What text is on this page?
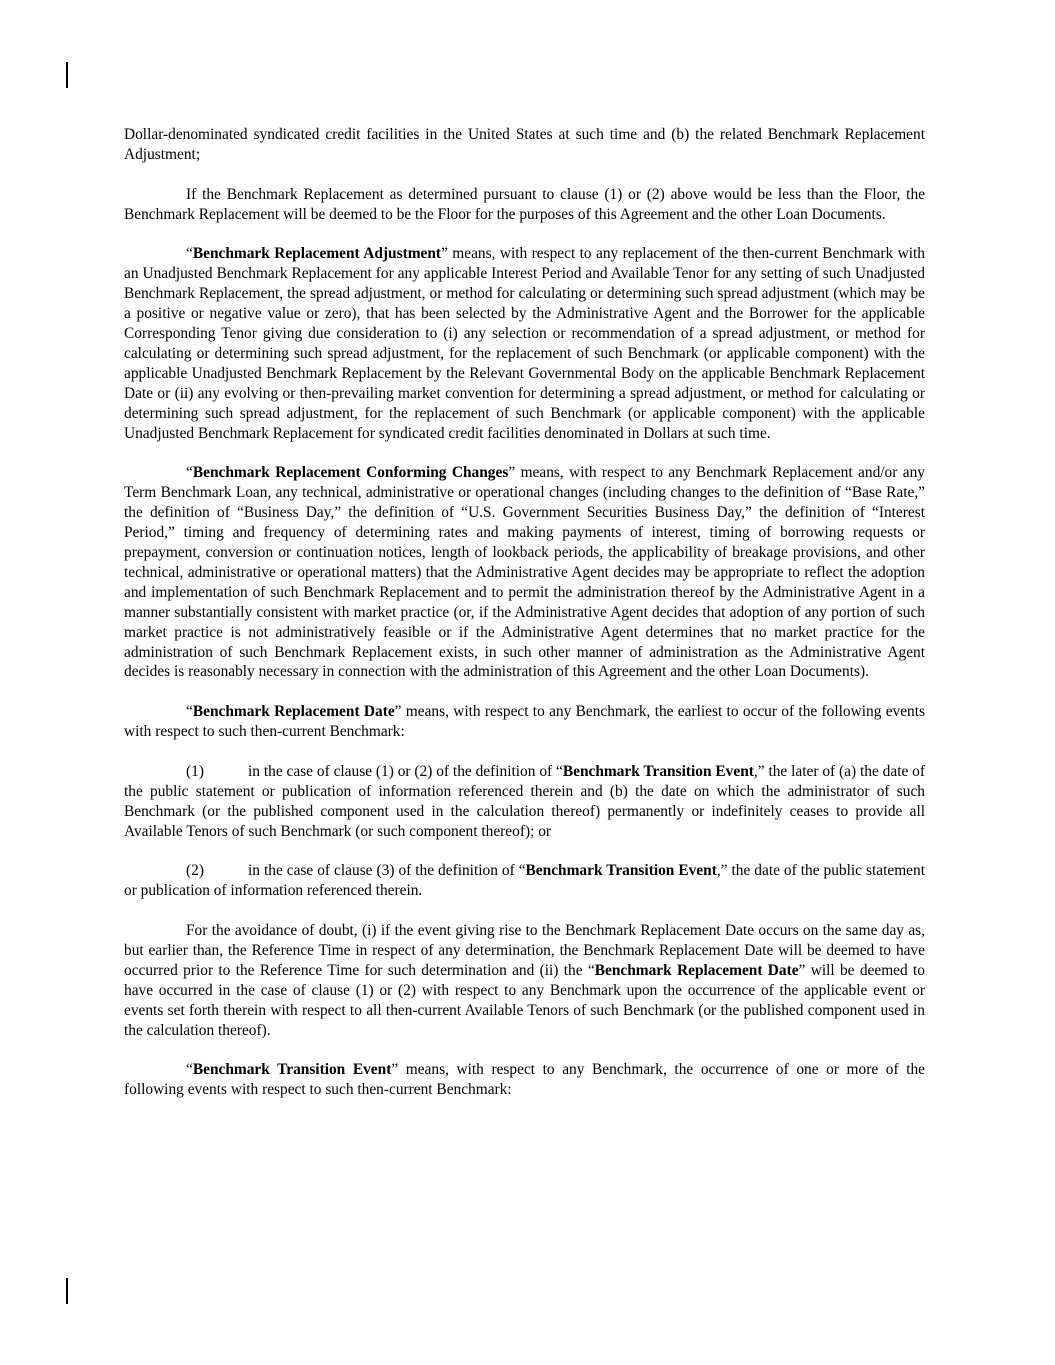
Dollar-denominated syndicated credit facilities in the United States at such time and (b) the related Benchmark Replacement Adjustment;

If the Benchmark Replacement as determined pursuant to clause (1) or (2) above would be less than the Floor, the Benchmark Replacement will be deemed to be the Floor for the purposes of this Agreement and the other Loan Documents.

“Benchmark Replacement Adjustment” means, with respect to any replacement of the then-current Benchmark with an Unadjusted Benchmark Replacement for any applicable Interest Period and Available Tenor for any setting of such Unadjusted Benchmark Replacement, the spread adjustment, or method for calculating or determining such spread adjustment (which may be a positive or negative value or zero), that has been selected by the Administrative Agent and the Borrower for the applicable Corresponding Tenor giving due consideration to (i) any selection or recommendation of a spread adjustment, or method for calculating or determining such spread adjustment, for the replacement of such Benchmark (or applicable component) with the applicable Unadjusted Benchmark Replacement by the Relevant Governmental Body on the applicable Benchmark Replacement Date or (ii) any evolving or then-prevailing market convention for determining a spread adjustment, or method for calculating or determining such spread adjustment, for the replacement of such Benchmark (or applicable component) with the applicable Unadjusted Benchmark Replacement for syndicated credit facilities denominated in Dollars at such time.

“Benchmark Replacement Conforming Changes” means, with respect to any Benchmark Replacement and/or any Term Benchmark Loan, any technical, administrative or operational changes (including changes to the definition of “Base Rate,” the definition of “Business Day,” the definition of “U.S. Government Securities Business Day,” the definition of “Interest Period,” timing and frequency of determining rates and making payments of interest, timing of borrowing requests or prepayment, conversion or continuation notices, length of lookback periods, the applicability of breakage provisions, and other technical, administrative or operational matters) that the Administrative Agent decides may be appropriate to reflect the adoption and implementation of such Benchmark Replacement and to permit the administration thereof by the Administrative Agent in a manner substantially consistent with market practice (or, if the Administrative Agent decides that adoption of any portion of such market practice is not administratively feasible or if the Administrative Agent determines that no market practice for the administration of such Benchmark Replacement exists, in such other manner of administration as the Administrative Agent decides is reasonably necessary in connection with the administration of this Agreement and the other Loan Documents).

“Benchmark Replacement Date” means, with respect to any Benchmark, the earliest to occur of the following events with respect to such then-current Benchmark:

(1)	in the case of clause (1) or (2) of the definition of “Benchmark Transition Event,” the later of (a) the date of the public statement or publication of information referenced therein and (b) the date on which the administrator of such Benchmark (or the published component used in the calculation thereof) permanently or indefinitely ceases to provide all Available Tenors of such Benchmark (or such component thereof); or

(2)	in the case of clause (3) of the definition of “Benchmark Transition Event,” the date of the public statement or publication of information referenced therein.

For the avoidance of doubt, (i) if the event giving rise to the Benchmark Replacement Date occurs on the same day as, but earlier than, the Reference Time in respect of any determination, the Benchmark Replacement Date will be deemed to have occurred prior to the Reference Time for such determination and (ii) the “Benchmark Replacement Date” will be deemed to have occurred in the case of clause (1) or (2) with respect to any Benchmark upon the occurrence of the applicable event or events set forth therein with respect to all then-current Available Tenors of such Benchmark (or the published component used in the calculation thereof).

“Benchmark Transition Event” means, with respect to any Benchmark, the occurrence of one or more of the following events with respect to such then-current Benchmark:
